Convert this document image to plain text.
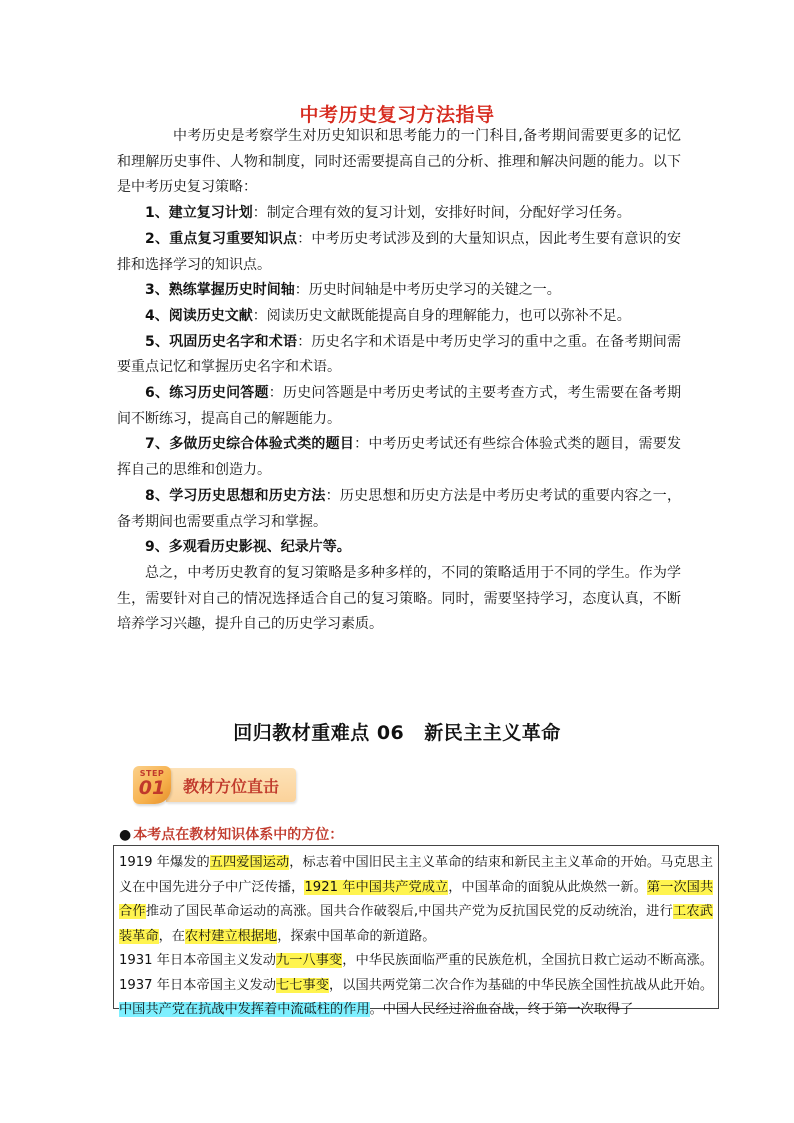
中考历史复习方法指导

中考历史是考察学生对历史知识和思考能力的一门科目,备考期间需要更多的记忆和理解历史事件、人物和制度，同时还需要提高自己的分析、推理和解决问题的能力。以下是中考历史复习策略：

1、建立复习计划：制定合理有效的复习计划，安排好时间，分配好学习任务。

2、重点复习重要知识点：中考历史考试涉及到的大量知识点，因此考生要有意识的安排和选择学习的知识点。

3、熟练掌握历史时间轴：历史时间轴是中考历史学习的关键之一。

4、阅读历史文献：阅读历史文献既能提高自身的理解能力，也可以弥补不足。

5、巩固历史名字和术语：历史名字和术语是中考历史学习的重中之重。在备考期间需要重点记忆和掌握历史名字和术语。

6、练习历史问答题：历史问答题是中考历史考试的主要考查方式，考生需要在备考期间不断练习，提高自己的解题能力。

7、多做历史综合体验式类的题目：中考历史考试还有些综合体验式类的题目，需要发挥自己的思维和创造力。

8、学习历史思想和历史方法：历史思想和历史方法是中考历史考试的重要内容之一，备考期间也需要重点学习和掌握。

9、多观看历史影视、纪录片等。

总之，中考历史教育的复习策略是多种多样的，不同的策略适用于不同的学生。作为学生，需要针对自己的情况选择适合自己的复习策略。同时，需要坚持学习，态度认真，不断培养学习兴趣，提升自己的历史学习素质。

回归教材重难点 06 新民主主义革命
STEP
01	教材方位直击
● 本考点在教材知识体系中的方位：

1919 年爆发的五四爱国运动，标志着中国旧民主主义革命的结束和新民主主义革命的开始。马克思主义在中国先进分子中广泛传播，1921 年中国共产党成立，中国革命的面貌从此焕然一新。第一次国共合作推动了国民革命运动的高涨。国共合作破裂后,中国共产党为反抗国民党的反动统治，进行工农武装革命，在农村建立根据地，探索中国革命的新道路。

1931 年日本帝国主义发动九一八事变，中华民族面临严重的民族危机，全国抗日救亡运动不断高涨。1937 年日本帝国主义发动七七事变，以国共两党第二次合作为基础的中华民族全国性抗战从此开始。中国共产党在抗战中发挥着中流砥柱的作用。中国人民经过浴血奋战，终于第一次取得了
